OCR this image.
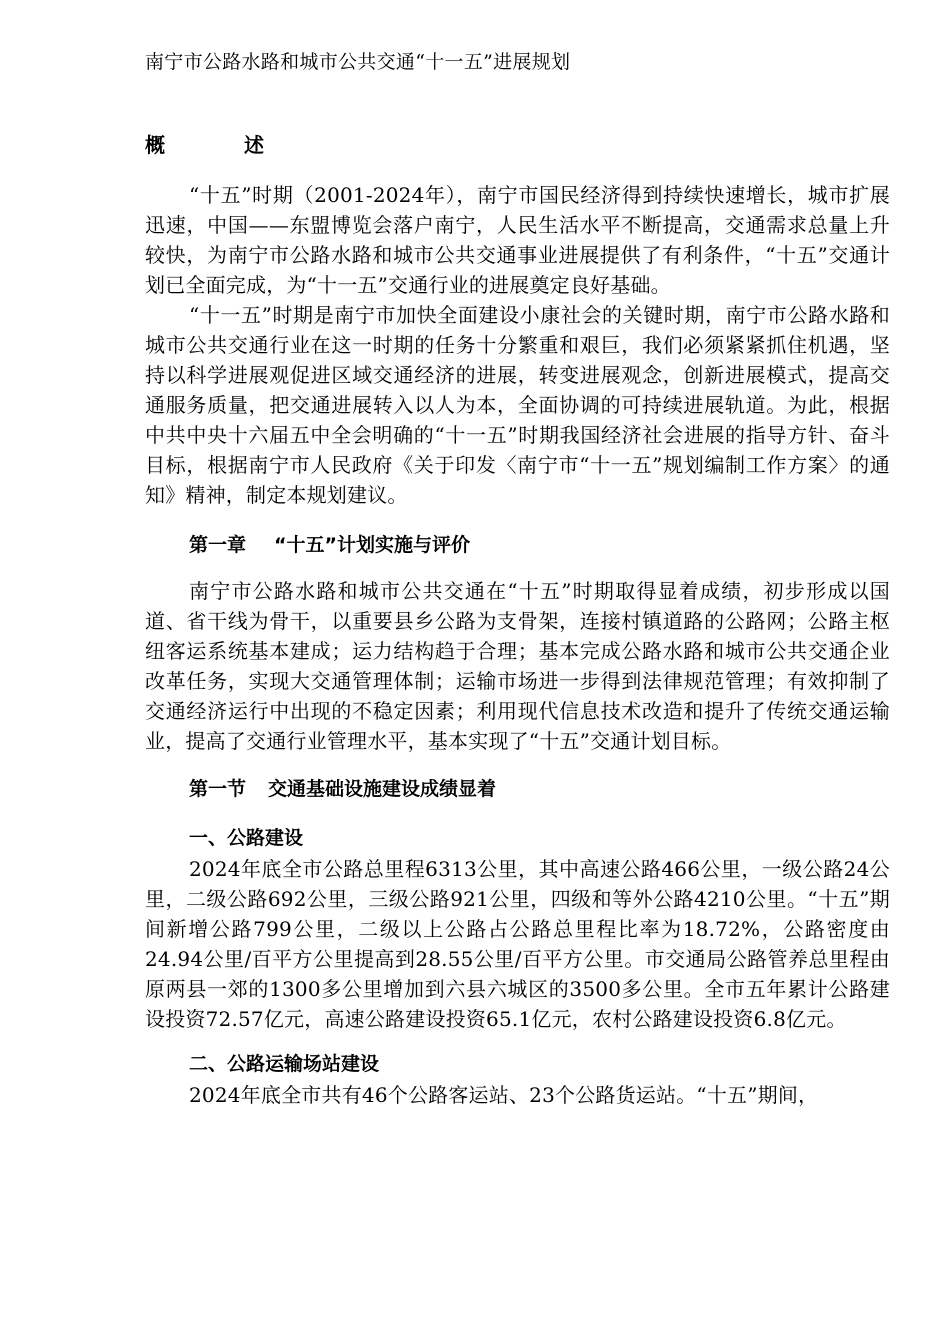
南宁市公路水路和城市公共交通“十一五”进展规划
概	述

“十五”时期（2001-2024年），南宁市国民经济得到持续快速增长，城市扩展迅速，中国——东盟博览会落户南宁，人民生活水平不断提高，交通需求总量上升较快，为南宁市公路水路和城市公共交通事业进展提供了有利条件，“十五”交通计划已全面完成，为“十一五”交通行业的进展奠定良好基础。

“十一五”时期是南宁市加快全面建设小康社会的关键时期，南宁市公路水路和城市公共交通行业在这一时期的任务十分繁重和艰巨，我们必须紧紧抓住机遇，坚持以科学进展观促进区域交通经济的进展，转变进展观念，创新进展模式，提高交通服务质量，把交通进展转入以人为本，全面协调的可持续进展轨道。为此，根据中共中央十六届五中全会明确的“十一五”时期我国经济社会进展的指导方针、奋斗目标，根据南宁市人民政府《关于印发〈南宁市“十一五”规划编制工作方案〉的通知》精神，制定本规划建议。

第一章 “十五”计划实施与评价

南宁市公路水路和城市公共交通在“十五”时期取得显着成绩，初步形成以国道、省干线为骨干，以重要县乡公路为支骨架，连接村镇道路的公路网；公路主枢纽客运系统基本建成；运力结构趋于合理；基本完成公路水路和城市公共交通企业改革任务，实现大交通管理体制；运输市场进一步得到法律规范管理；有效抑制了交通经济运行中出现的不稳定因素；利用现代信息技术改造和提升了传统交通运输业，提高了交通行业管理水平，基本实现了“十五”交通计划目标。

第一节 交通基础设施建设成绩显着
一、公路建设

2024年底全市公路总里程6313公里，其中高速公路466公里，一级公路24公里，二级公路692公里，三级公路921公里，四级和等外公路4210公里。“十五”期间新增公路799公里，二级以上公路占公路总里程比率为18.72%，公路密度由24.94公里/百平方公里提高到28.55公里/百平方公里。市交通局公路管养总里程由原两县一郊的1300多公里增加到六县六城区的3500多公里。全市五年累计公路建设投资72.57亿元，高速公路建设投资65.1亿元，农村公路建设投资6.8亿元。

二、公路运输场站建设

2024年底全市共有46个公路客运站、23个公路货运站。“十五”期间，
